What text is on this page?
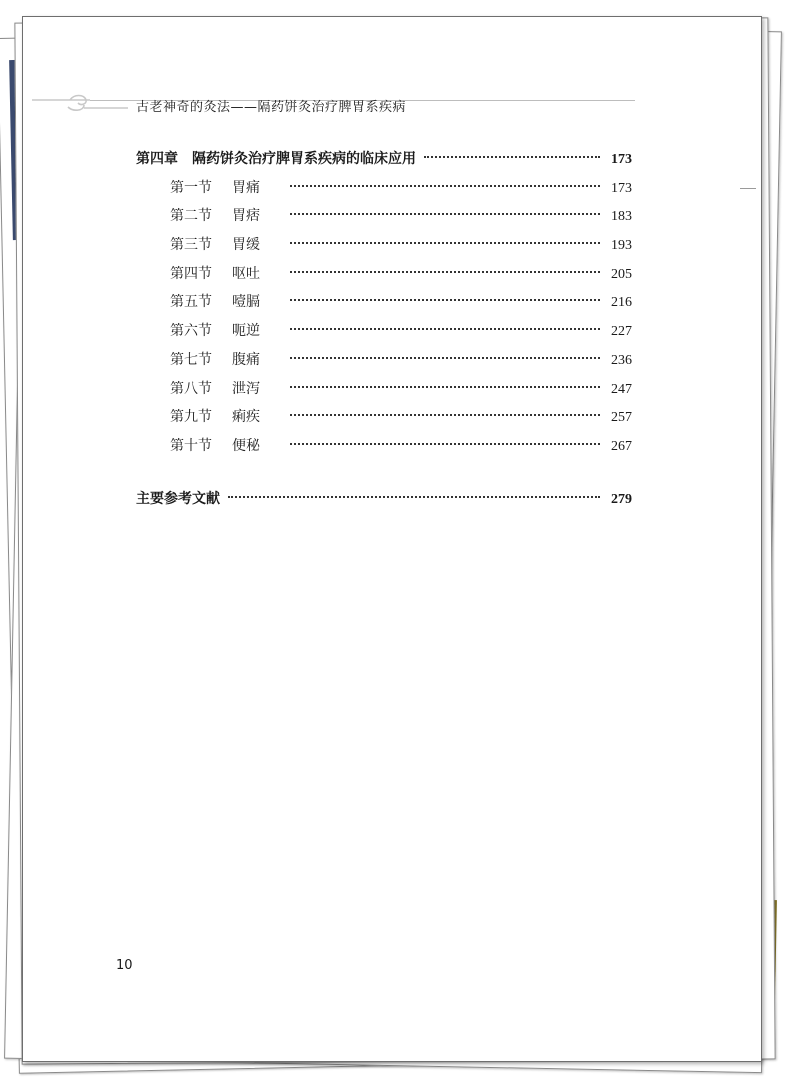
古老神奇的灸法——隔药饼灸治疗脾胃系疾病
第四章 隔药饼灸治疗脾胃系疾病的临床应用	173
第一节	胃痛	173
第二节	胃痞	183
第三节	胃缓	193
第四节	呕吐	205
第五节	噎膈	216
第六节	呃逆	227
第七节	腹痛	236
第八节	泄泻	247
第九节	痢疾	257
第十节	便秘	267
主要参考文献	279
10
